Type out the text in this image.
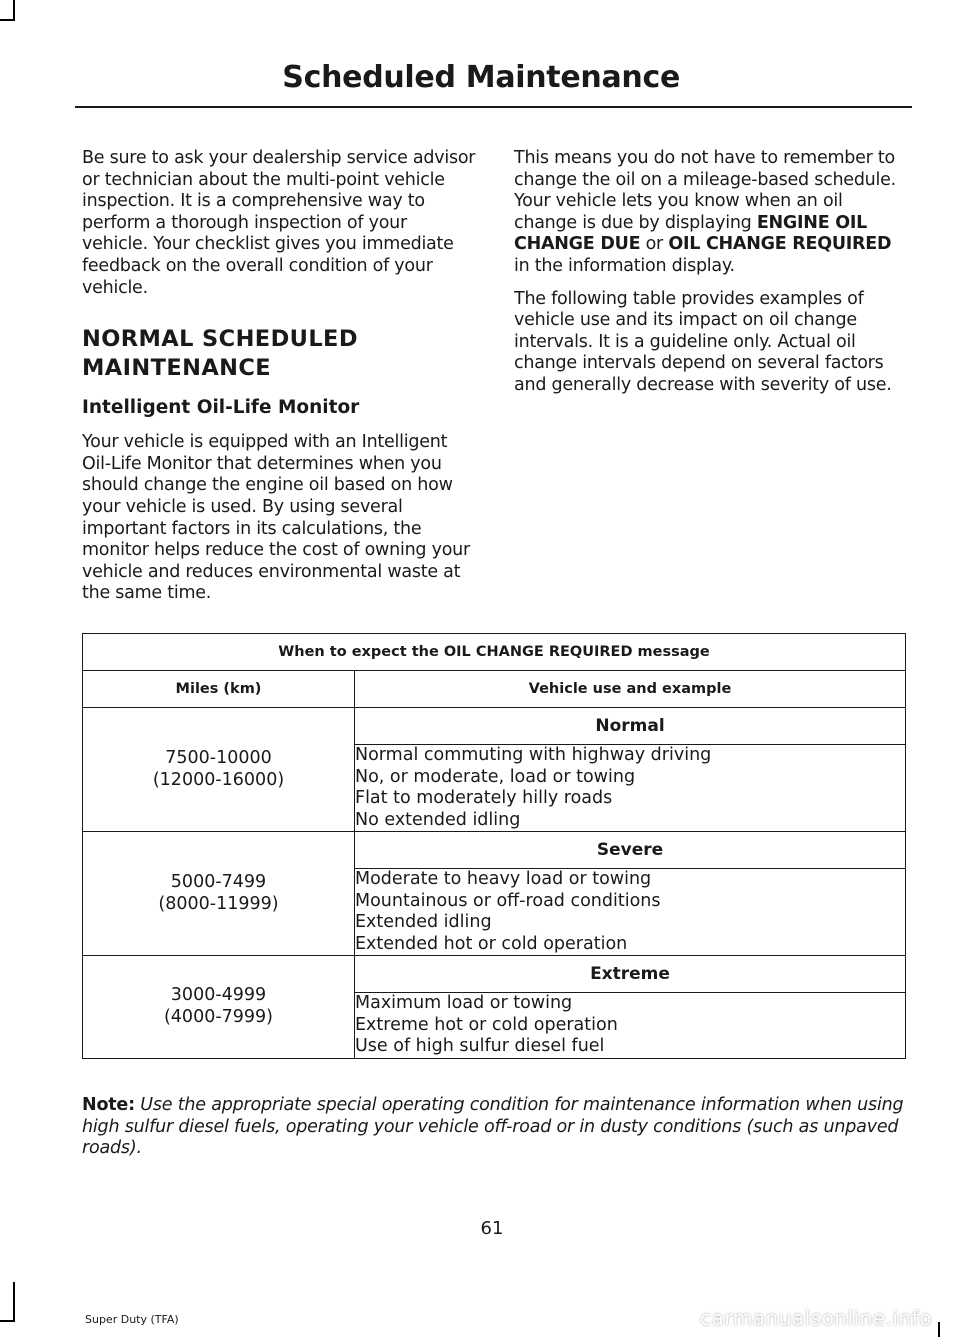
Scheduled Maintenance

Be sure to ask your dealership service advisor or technician about the multi-point vehicle inspection. It is a comprehensive way to perform a thorough inspection of your vehicle. Your checklist gives you immediate feedback on the overall condition of your vehicle.

NORMAL SCHEDULED
MAINTENANCE
Intelligent Oil-Life Monitor

Your vehicle is equipped with an Intelligent Oil-Life Monitor that determines when you should change the engine oil based on how your vehicle is used. By using several important factors in its calculations, the monitor helps reduce the cost of owning your vehicle and reduces environmental waste at the same time.

This means you do not have to remember to change the oil on a mileage-based schedule. Your vehicle lets you know when an oil change is due by displaying ENGINE OIL CHANGE DUE or OIL CHANGE REQUIRED in the information display.

The following table provides examples of vehicle use and its impact on oil change intervals. It is a guideline only. Actual oil change intervals depend on several factors and generally decrease with severity of use.

When to expect the OIL CHANGE REQUIRED message	
Miles (km)	Vehicle use and example
7500-10000
(12000-16000)	Normal

	Normal commuting with highway driving
No, or moderate, load or towing
Flat to moderately hilly roads
No extended idling

5000-7499
(8000-11999)	Severe

	Moderate to heavy load or towing
Mountainous or off-road conditions
Extended idling
Extended hot or cold operation

3000-4999
(4000-7999)	Extreme

	Maximum load or towing
Extreme hot or cold operation
Use of high sulfur diesel fuel
Note: Use the appropriate special operating condition for maintenance information when using high sulfur diesel fuels, operating your vehicle off-road or in dusty conditions (such as unpaved roads).
61
Super Duty (TFA)	carmanualsonline.info
